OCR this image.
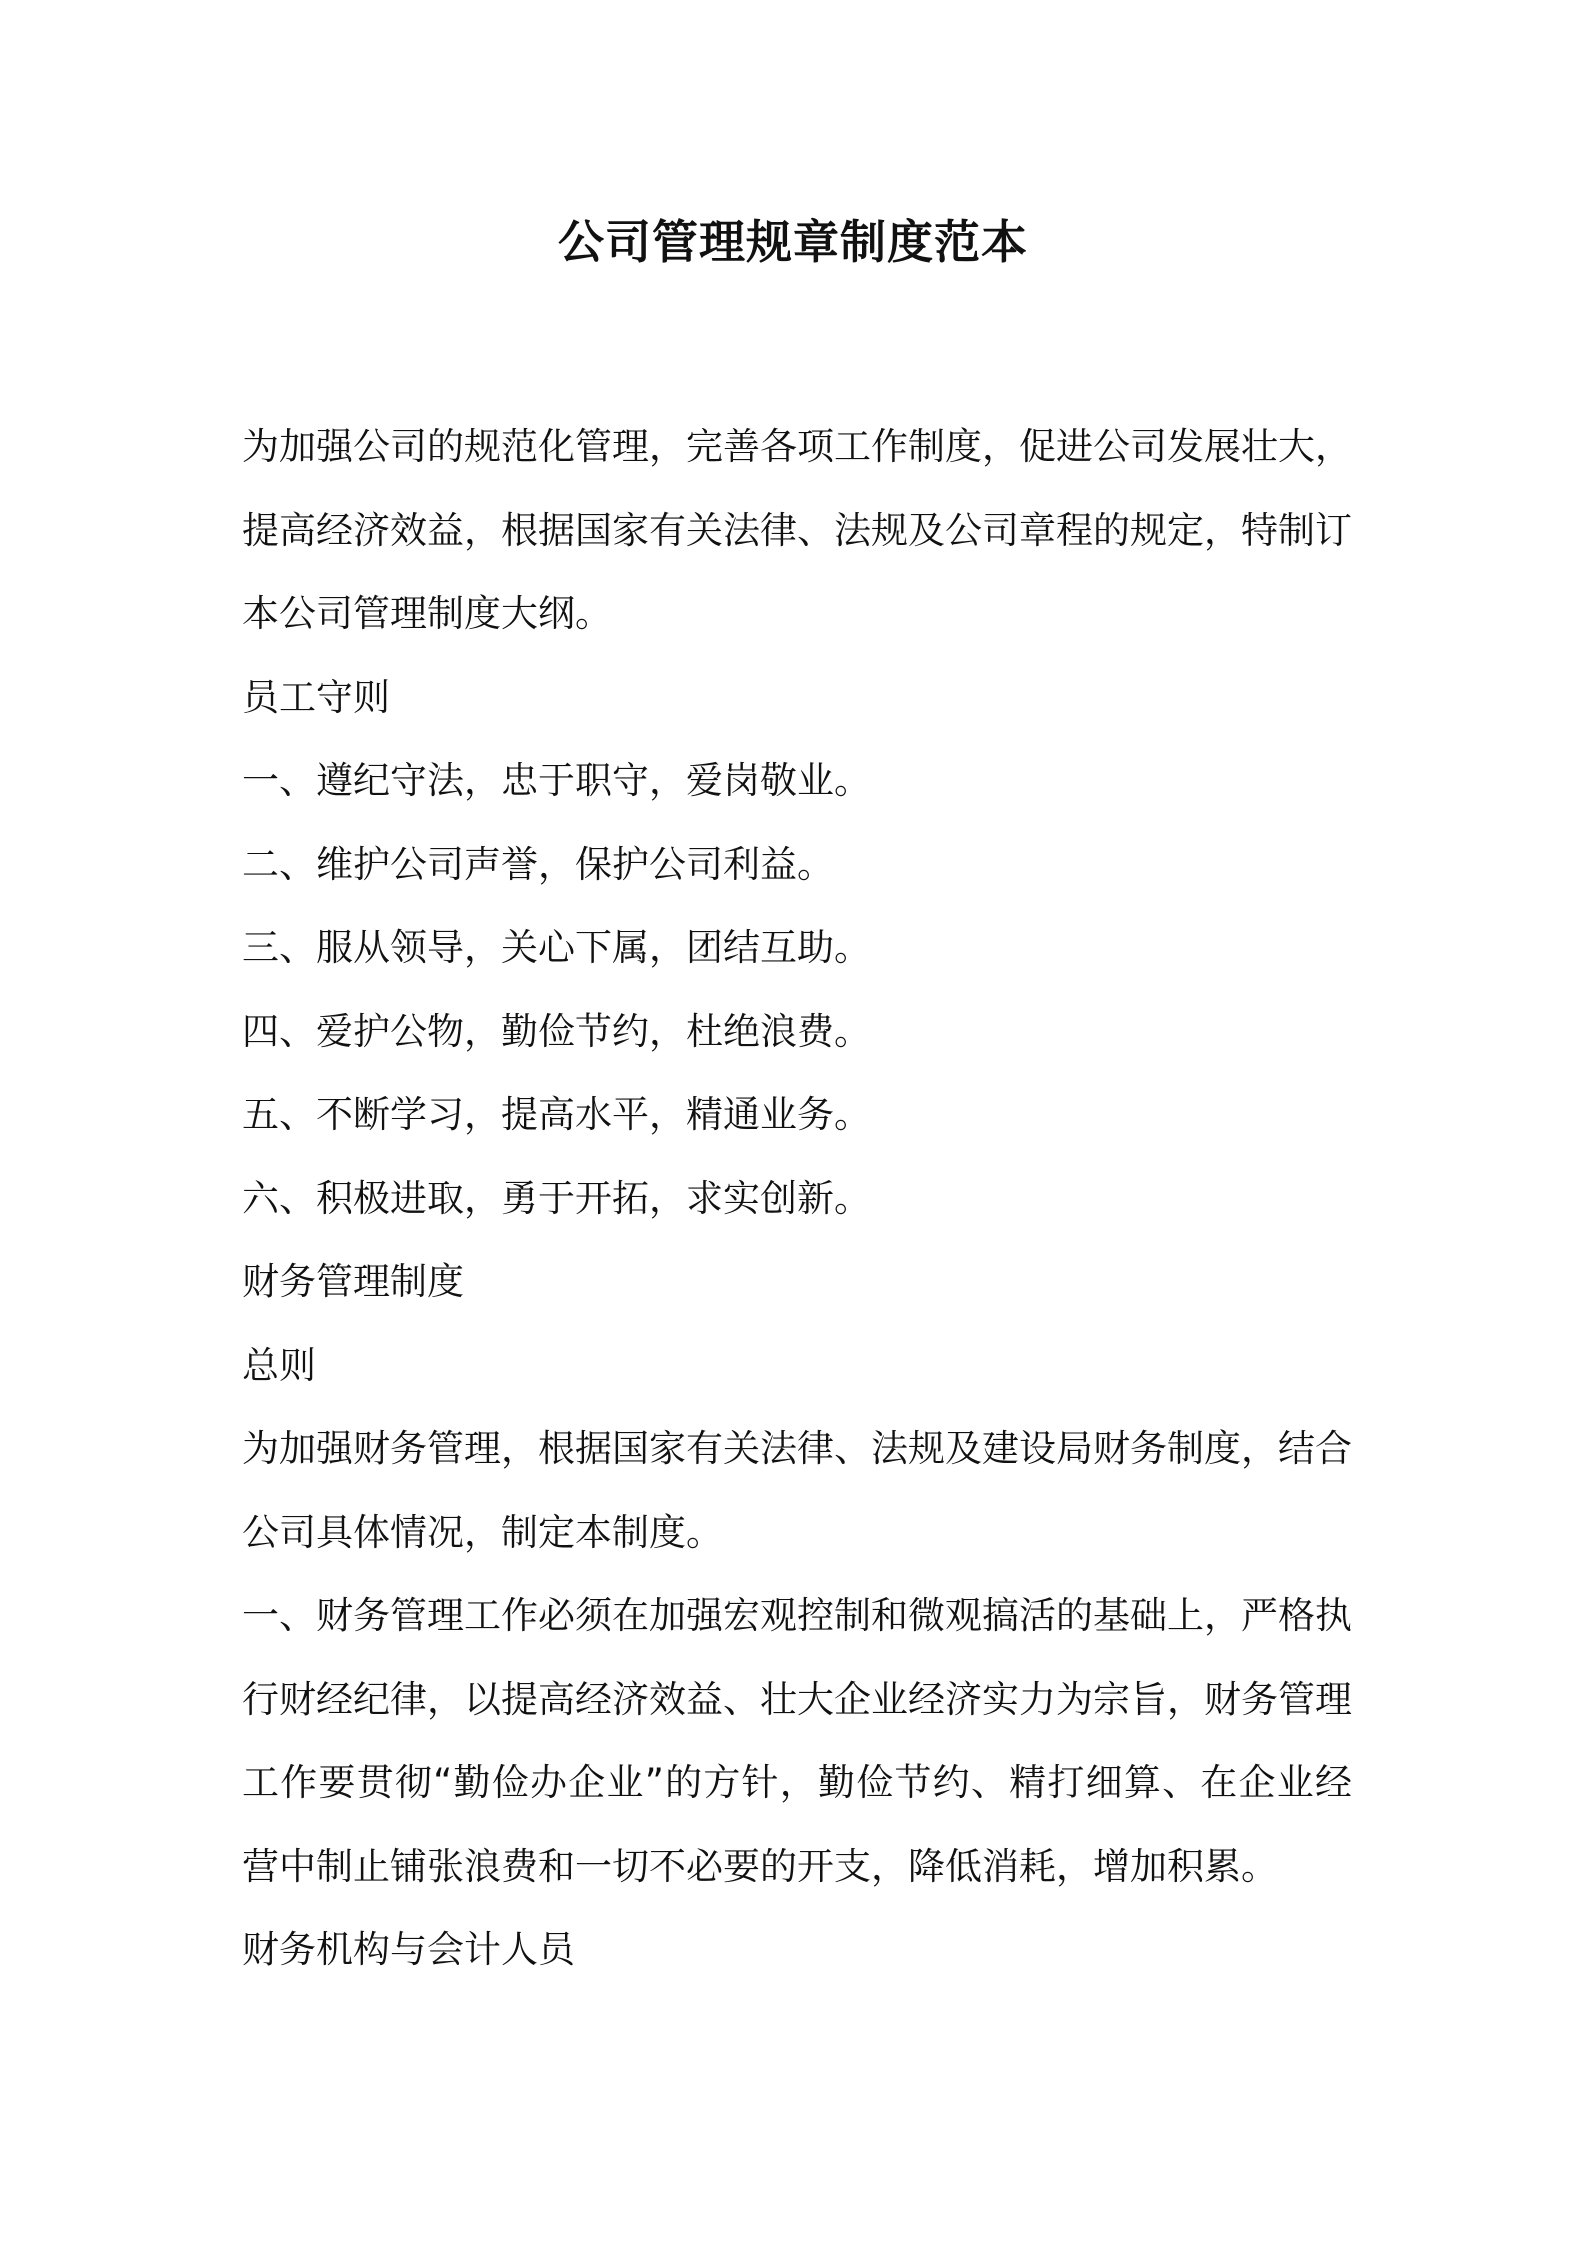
公司管理规章制度范本

为加强公司的规范化管理，完善各项工作制度，促进公司发展壮大，提高经济效益，根据国家有关法律、法规及公司章程的规定，特制订本公司管理制度大纲。

员工守则

一、遵纪守法，忠于职守，爱岗敬业。

二、维护公司声誉，保护公司利益。

三、服从领导，关心下属，团结互助。

四、爱护公物，勤俭节约，杜绝浪费。

五、不断学习，提高水平，精通业务。

六、积极进取，勇于开拓，求实创新。

财务管理制度

总则

为加强财务管理，根据国家有关法律、法规及建设局财务制度，结合公司具体情况，制定本制度。

一、财务管理工作必须在加强宏观控制和微观搞活的基础上，严格执行财经纪律，以提高经济效益、壮大企业经济实力为宗旨，财务管理工作要贯彻“勤俭办企业”的方针，勤俭节约、精打细算、在企业经营中制止铺张浪费和一切不必要的开支，降低消耗，增加积累。

财务机构与会计人员
